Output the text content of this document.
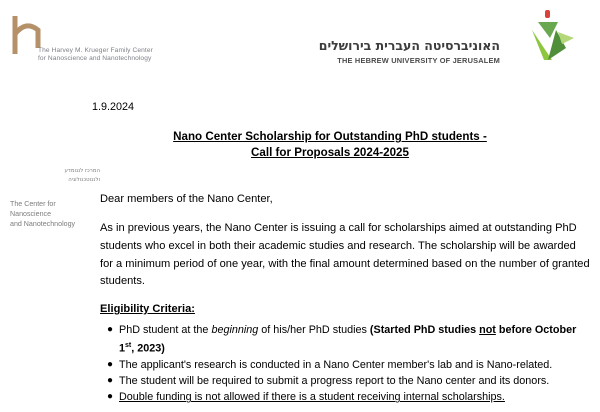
The Harvey M. Krueger Family Center
for Nanoscience and Nanotechnology
האוניברסיטה העברית בירושלים
THE HEBREW UNIVERSITY OF JERUSALEM
1.9.2024
Nano Center Scholarship for Outstanding PhD students -
Call for Proposals 2024-2025
המרכז לננומדע
ולננוטכנולוגיה
The Center for
Nanoscience
and Nanotechnology
Dear members of the Nano Center,
As in previous years, the Nano Center is issuing a call for scholarships aimed at outstanding PhD students who excel in both their academic studies and research. The scholarship will be awarded for a minimum period of one year, with the final amount determined based on the number of granted students.
Eligibility Criteria:
● PhD student at the beginning of his/her PhD studies (Started PhD studies not before October 1st, 2023)
● The applicant's research is conducted in a Nano Center member's lab and is Nano-related.
● The student will be required to submit a progress report to the Nano center and its donors.
● Double funding is not allowed if there is a student receiving internal scholarships.
